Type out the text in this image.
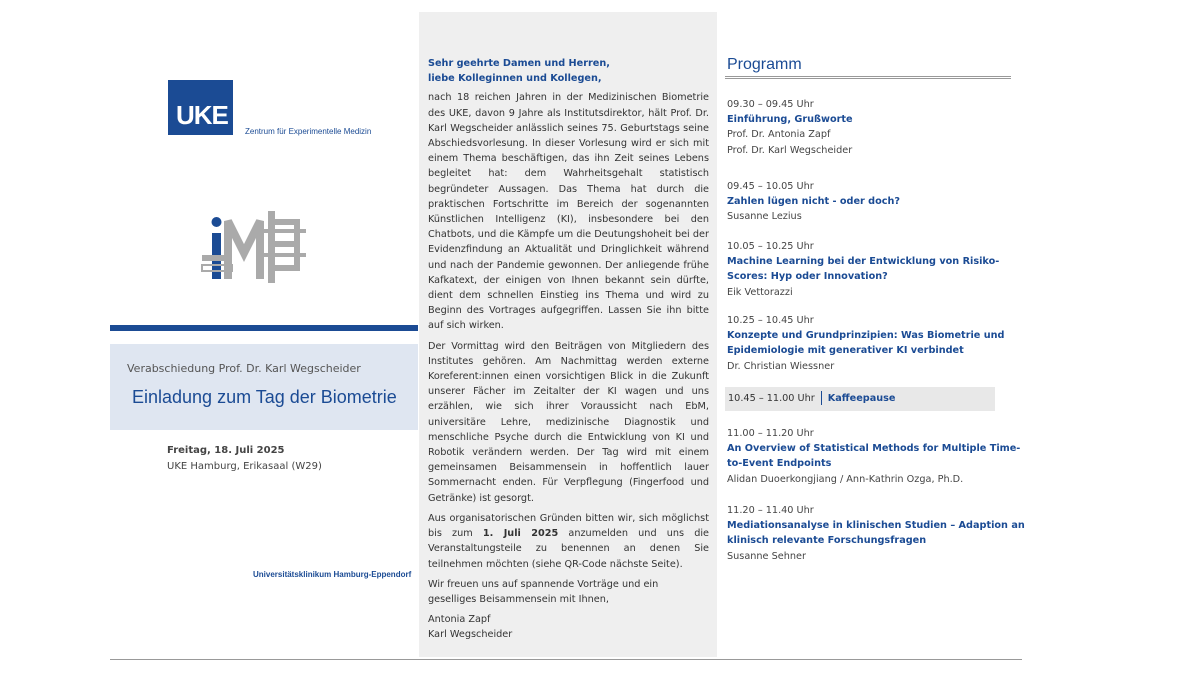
UKE
Zentrum für Experimentelle Medizin
Verabschiedung Prof. Dr. Karl Wegscheider
Einladung zum Tag der Biometrie
Freitag, 18. Juli 2025
UKE Hamburg, Erikasaal (W29)
Universitätsklinikum Hamburg-Eppendorf
Sehr geehrte Damen und Herren,
liebe Kolleginnen und Kollegen,

nach 18 reichen Jahren in der Medizinischen Biometrie des UKE, davon 9 Jahre als Institutsdirektor, hält Prof. Dr. Karl Wegscheider anlässlich seines 75. Geburtstags seine Abschiedsvorlesung. In dieser Vorlesung wird er sich mit einem Thema beschäftigen, das ihn Zeit seines Lebens begleitet hat: dem Wahrheitsgehalt statistisch begründeter Aussagen. Das Thema hat durch die praktischen Fortschritte im Bereich der sogenannten Künstlichen Intelligenz (KI), insbesondere bei den Chatbots, und die Kämpfe um die Deutungshoheit bei der Evidenzfindung an Aktualität und Dringlichkeit während und nach der Pandemie gewonnen. Der anliegende frühe Kafkatext, der einigen von Ihnen bekannt sein dürfte, dient dem schnellen Einstieg ins Thema und wird zu Beginn des Vortrages aufgegriffen. Lassen Sie ihn bitte auf sich wirken.

Der Vormittag wird den Beiträgen von Mitgliedern des Institutes gehören. Am Nachmittag werden externe Koreferent:innen einen vorsichtigen Blick in die Zukunft unserer Fächer im Zeitalter der KI wagen und uns erzählen, wie sich ihrer Voraussicht nach EbM, universitäre Lehre, medizinische Diagnostik und menschliche Psyche durch die Entwicklung von KI und Robotik verändern werden. Der Tag wird mit einem gemeinsamen Beisammensein in hoffentlich lauer Sommernacht enden. Für Verpflegung (Fingerfood und Getränke) ist gesorgt.

Aus organisatorischen Gründen bitten wir, sich möglichst bis zum 1. Juli 2025 anzumelden und uns die Veranstaltungsteile zu benennen an denen Sie teilnehmen möchten (siehe QR-Code nächste Seite).

Wir freuen uns auf spannende Vorträge und ein geselliges Beisammensein mit Ihnen,

Antonia Zapf
Karl Wegscheider
Programm
09.30 – 09.45 Uhr
Einführung, Grußworte
Prof. Dr. Antonia Zapf
Prof. Dr. Karl Wegscheider
09.45 – 10.05 Uhr
Zahlen lügen nicht - oder doch?
Susanne Lezius
10.05 – 10.25 Uhr
Machine Learning bei der Entwicklung von Risiko-Scores: Hyp oder Innovation?
Eik Vettorazzi
10.25 – 10.45 Uhr
Konzepte und Grundprinzipien: Was Biometrie und Epidemiologie mit generativer KI verbindet
Dr. Christian Wiessner
10.45 – 11.00 Uhr Kaffeepause
11.00 – 11.20 Uhr
An Overview of Statistical Methods for Multiple Time-to-Event Endpoints
Alidan Duoerkongjiang / Ann-Kathrin Ozga, Ph.D.
11.20 – 11.40 Uhr
Mediationsanalyse in klinischen Studien – Adaption an klinisch relevante Forschungsfragen
Susanne Sehner
